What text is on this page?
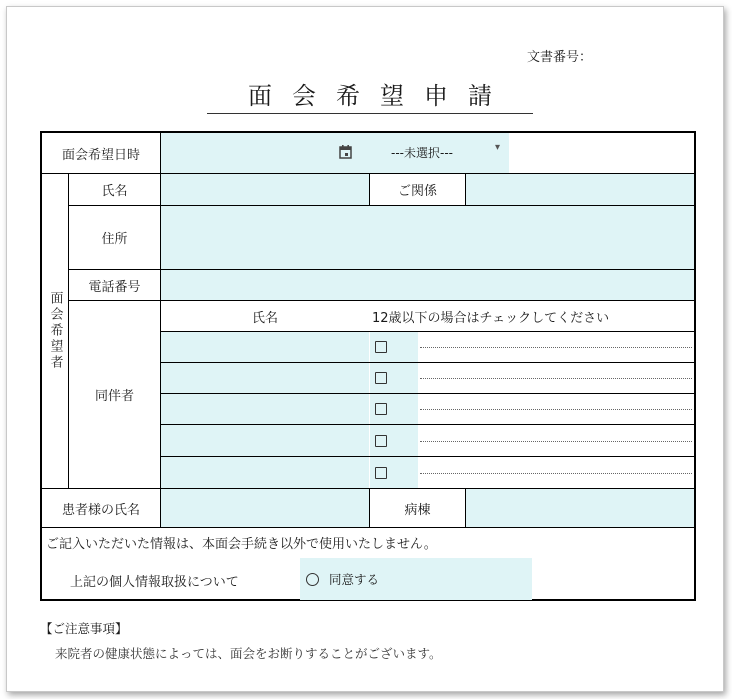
文書番号：
面会希望申請
面会希望日時	---未選択---	▾
面会希望者
氏名	ご関係
住所
電話番号
同伴者
氏名	12歳以下の場合はチェックしてください
患者様の氏名	病棟
ご記入いただいた情報は、本面会手続き以外で使用いたしません。
上記の個人情報取扱について	同意する
【ご注意事項】
来院者の健康状態によっては、面会をお断りすることがございます。
